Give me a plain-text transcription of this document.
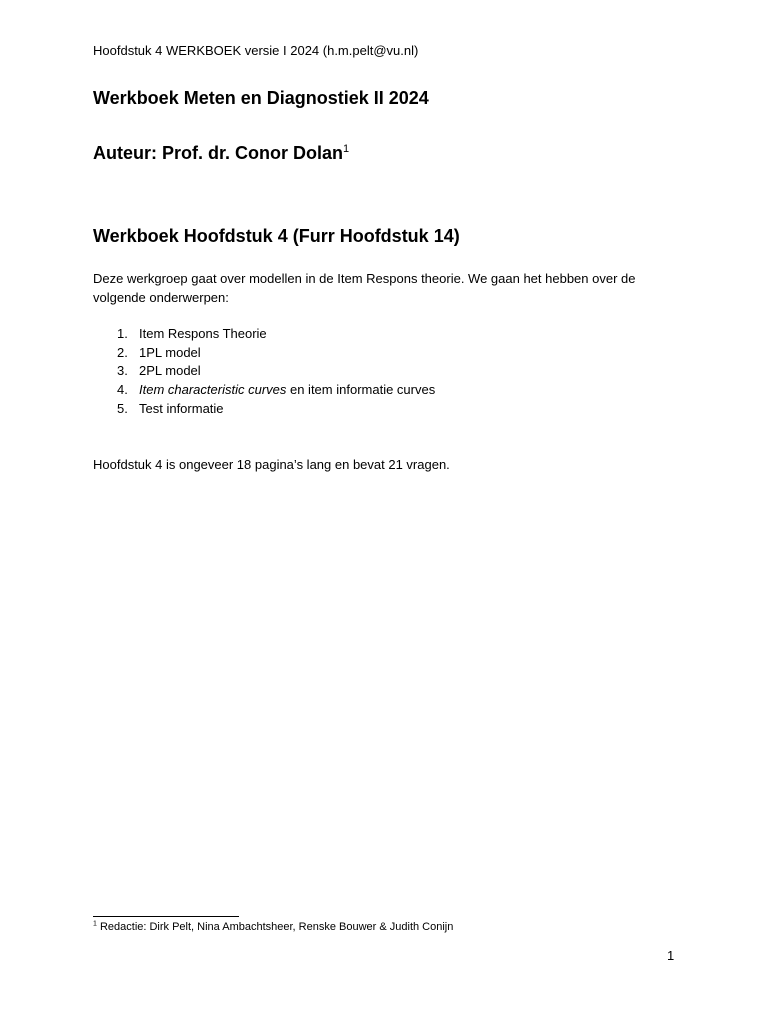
Hoofdstuk 4 WERKBOEK versie I 2024 (h.m.pelt@vu.nl)

Werkboek Meten en Diagnostiek II 2024

Auteur: Prof. dr. Conor Dolan$^1$

Werkboek Hoofdstuk 4 (Furr Hoofdstuk 14)

Deze werkgroep gaat over modellen in de Item Respons theorie. We gaan het hebben over de volgende onderwerpen:

1. Item Respons Theorie
2. 1PL model
3. 2PL model
4. Item characteristic curves en item informatie curves
5. Test informatie

Hoofdstuk 4 is ongeveer 18 pagina’s lang en bevat 21 vragen.

$^1$ Redactie: Dirk Pelt, Nina Ambachtsheer, Renske Bouwer & Judith Conijn

1
